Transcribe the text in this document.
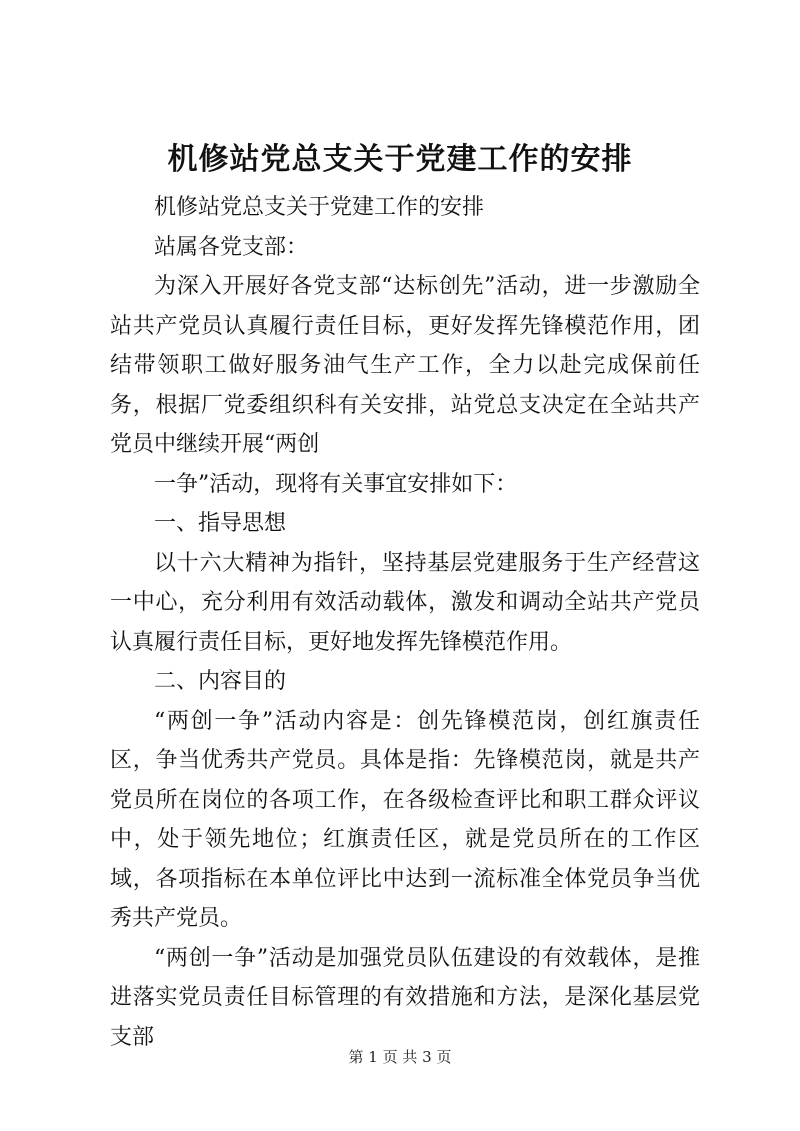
机修站党总支关于党建工作的安排

机修站党总支关于党建工作的安排

站属各党支部：

为深入开展好各党支部“达标创先”活动，进一步激励全站共产党员认真履行责任目标，更好发挥先锋模范作用，团结带领职工做好服务油气生产工作，全力以赴完成保前任务，根据厂党委组织科有关安排，站党总支决定在全站共产党员中继续开展“两创

一争”活动，现将有关事宜安排如下：

一、指导思想

以十六大精神为指针，坚持基层党建服务于生产经营这一中心，充分利用有效活动载体，激发和调动全站共产党员认真履行责任目标，更好地发挥先锋模范作用。

二、内容目的

“两创一争”活动内容是：创先锋模范岗，创红旗责任区，争当优秀共产党员。具体是指：先锋模范岗，就是共产党员所在岗位的各项工作，在各级检查评比和职工群众评议中，处于领先地位；红旗责任区，就是党员所在的工作区域，各项指标在本单位评比中达到一流标准全体党员争当优秀共产党员。

“两创一争”活动是加强党员队伍建设的有效载体，是推进落实党员责任目标管理的有效措施和方法，是深化基层党支部

第 1 页 共 3 页
